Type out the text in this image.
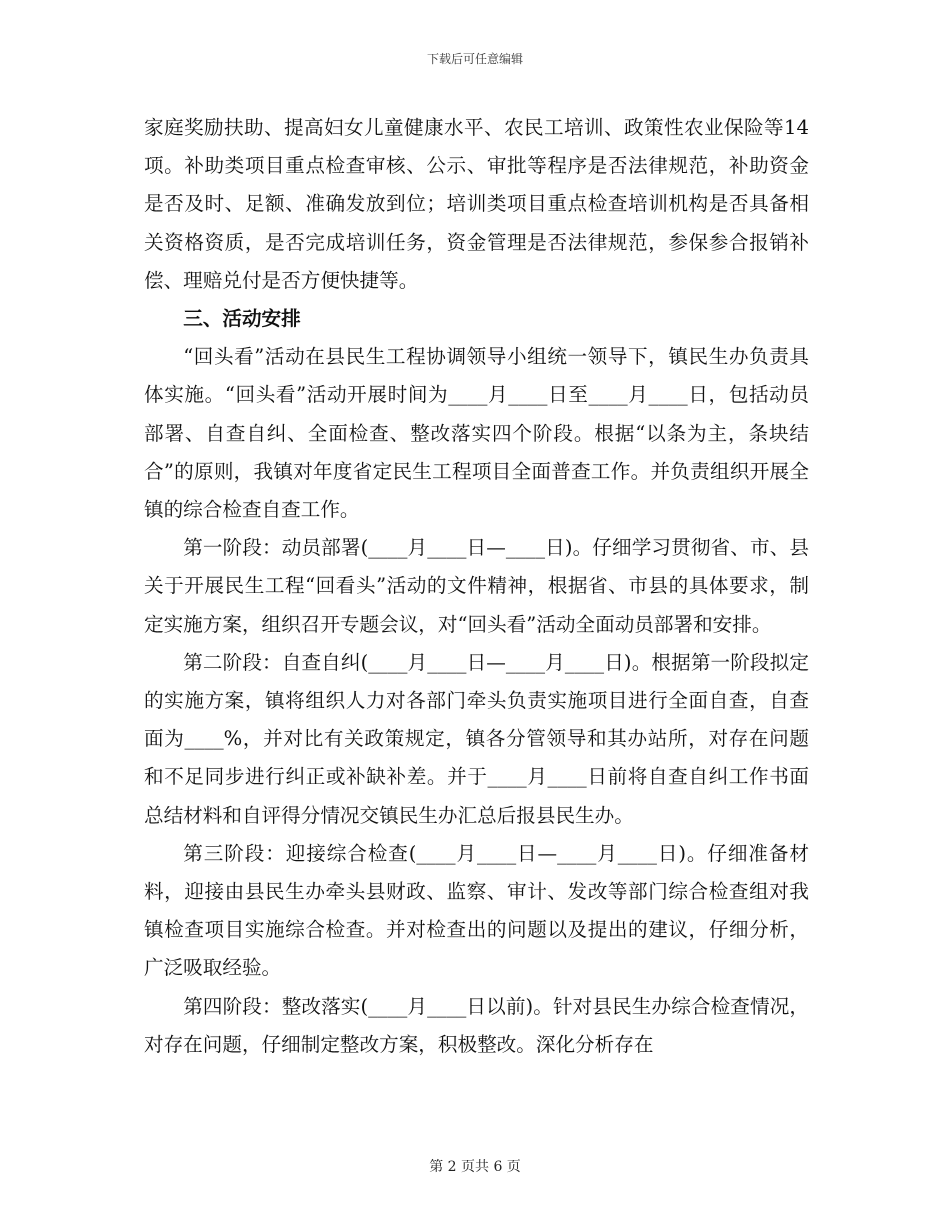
下载后可任意编辑

家庭奖励扶助、提高妇女儿童健康水平、农民工培训、政策性农业保险等14项。补助类项目重点检查审核、公示、审批等程序是否法律规范，补助资金是否及时、足额、准确发放到位；培训类项目重点检查培训机构是否具备相关资格资质，是否完成培训任务，资金管理是否法律规范，参保参合报销补偿、理赔兑付是否方便快捷等。

三、活动安排

“回头看”活动在县民生工程协调领导小组统一领导下，镇民生办负责具体实施。“回头看”活动开展时间为____月____日至____月____日，包括动员部署、自查自纠、全面检查、整改落实四个阶段。根据“以条为主，条块结合”的原则，我镇对年度省定民生工程项目全面普查工作。并负责组织开展全镇的综合检查自查工作。

第一阶段：动员部署(____月____日—____日)。仔细学习贯彻省、市、县关于开展民生工程“回看头”活动的文件精神，根据省、市县的具体要求，制定实施方案，组织召开专题会议，对“回头看”活动全面动员部署和安排。

第二阶段：自查自纠(____月____日—____月____日)。根据第一阶段拟定的实施方案，镇将组织人力对各部门牵头负责实施项目进行全面自查，自查面为____%，并对比有关政策规定，镇各分管领导和其办站所，对存在问题和不足同步进行纠正或补缺补差。并于____月____日前将自查自纠工作书面总结材料和自评得分情况交镇民生办汇总后报县民生办。

第三阶段：迎接综合检查(____月____日—____月____日)。仔细准备材料，迎接由县民生办牵头县财政、监察、审计、发改等部门综合检查组对我镇检查项目实施综合检查。并对检查出的问题以及提出的建议，仔细分析，广泛吸取经验。

第四阶段：整改落实(____月____日以前)。针对县民生办综合检查情况，对存在问题，仔细制定整改方案，积极整改。深化分析存在

第 2 页共 6 页
